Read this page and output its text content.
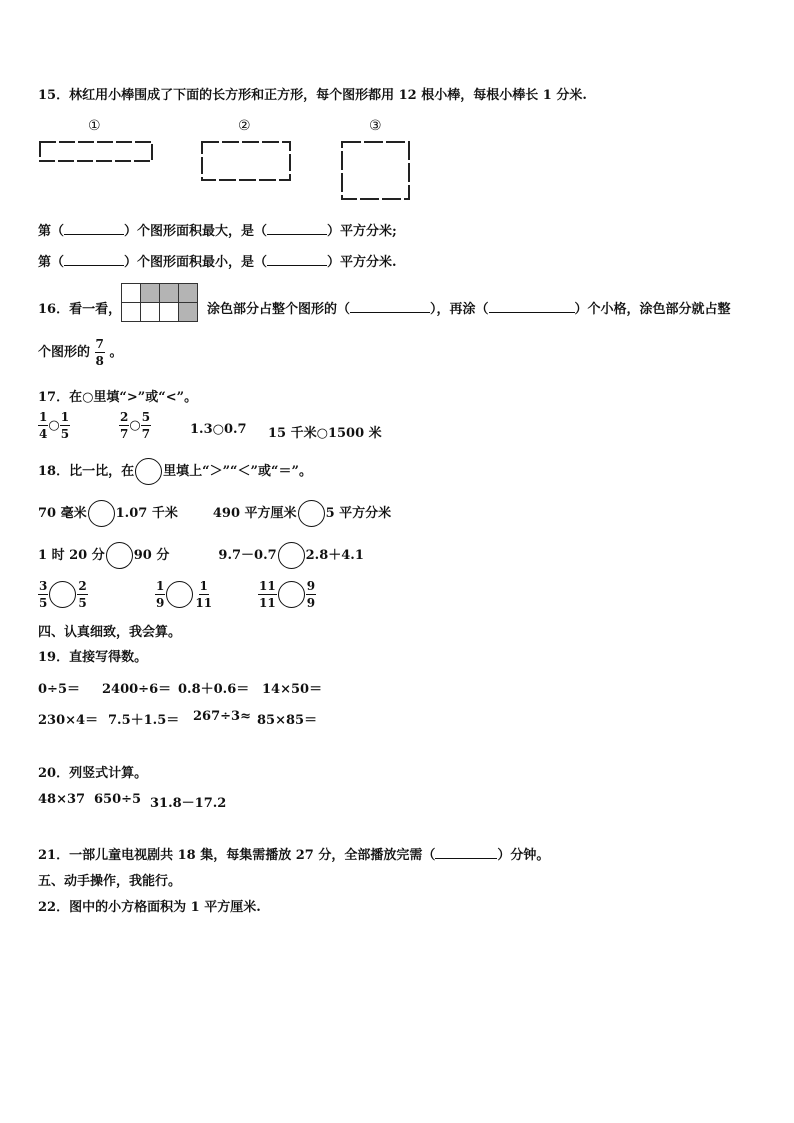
15．林红用小棒围成了下面的长方形和正方形，每个图形都用 12 根小棒，每根小棒长 1 分米.
①	②	③
第（	）个图形面积最大，是（	）平方分米;
第（	）个图形面积最小，是（	）平方分米.
16．看一看，

				涂色部分占整个图形的（	），再涂（	）个小格，涂色部分就占整
个图形的 $\frac{7}{8}$ 。
17．在○里填“>”或“<”。
$\frac{1}{4}$ ○ $\frac{1}{5}$	$\frac{2}{7}$ ○ $\frac{5}{7}$	1.3○0.7 15 千米○1500 米
18．比一比，在 里填上“＞”“＜”或“＝”。
70 毫米 1.07 千米	490 平方厘米 5 平方分米
1 时 20 分 90 分	9.7－0.7 2.8＋4.1
$\frac{3}{5} \frac{2}{5}$	$\frac{1}{9} \frac{1}{11}$	$\frac{11}{11} \frac{9}{9}$
四、认真细致，我会算。
19．直接写得数。
0÷5＝ 2400÷6＝ 0.8＋0.6＝ 14×50＝
230×4＝ 7.5＋1.5＝ 267÷3≈ 85×85＝
20．列竖式计算。
48×37 650÷5 31.8－17.2
21．一部儿童电视剧共 18 集，每集需播放 27 分，全部播放完需（	）分钟。
五、动手操作，我能行。
22．图中的小方格面积为 1 平方厘米.
